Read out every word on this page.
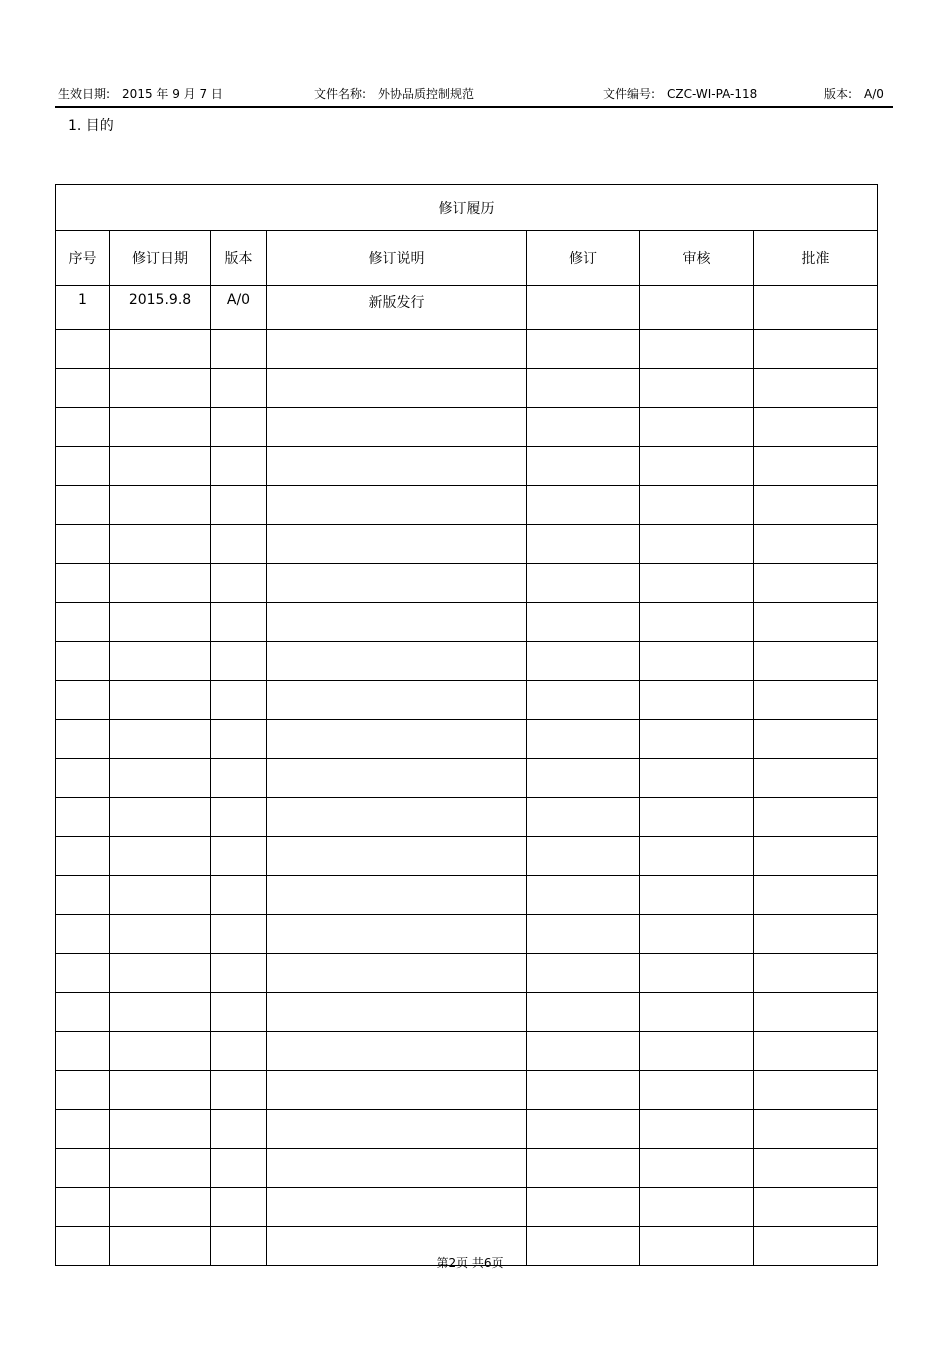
生效日期: 2015 年 9 月 7 日	文件名称: 外协品质控制规范	文件编号: CZC-WI-PA-118	版本: A/0
1. 目的
修订履历						
序号	修订日期	版本	修订说明	修订	审核	批准
1	2015.9.8	A/0	新版发行			

第2页 共6页
